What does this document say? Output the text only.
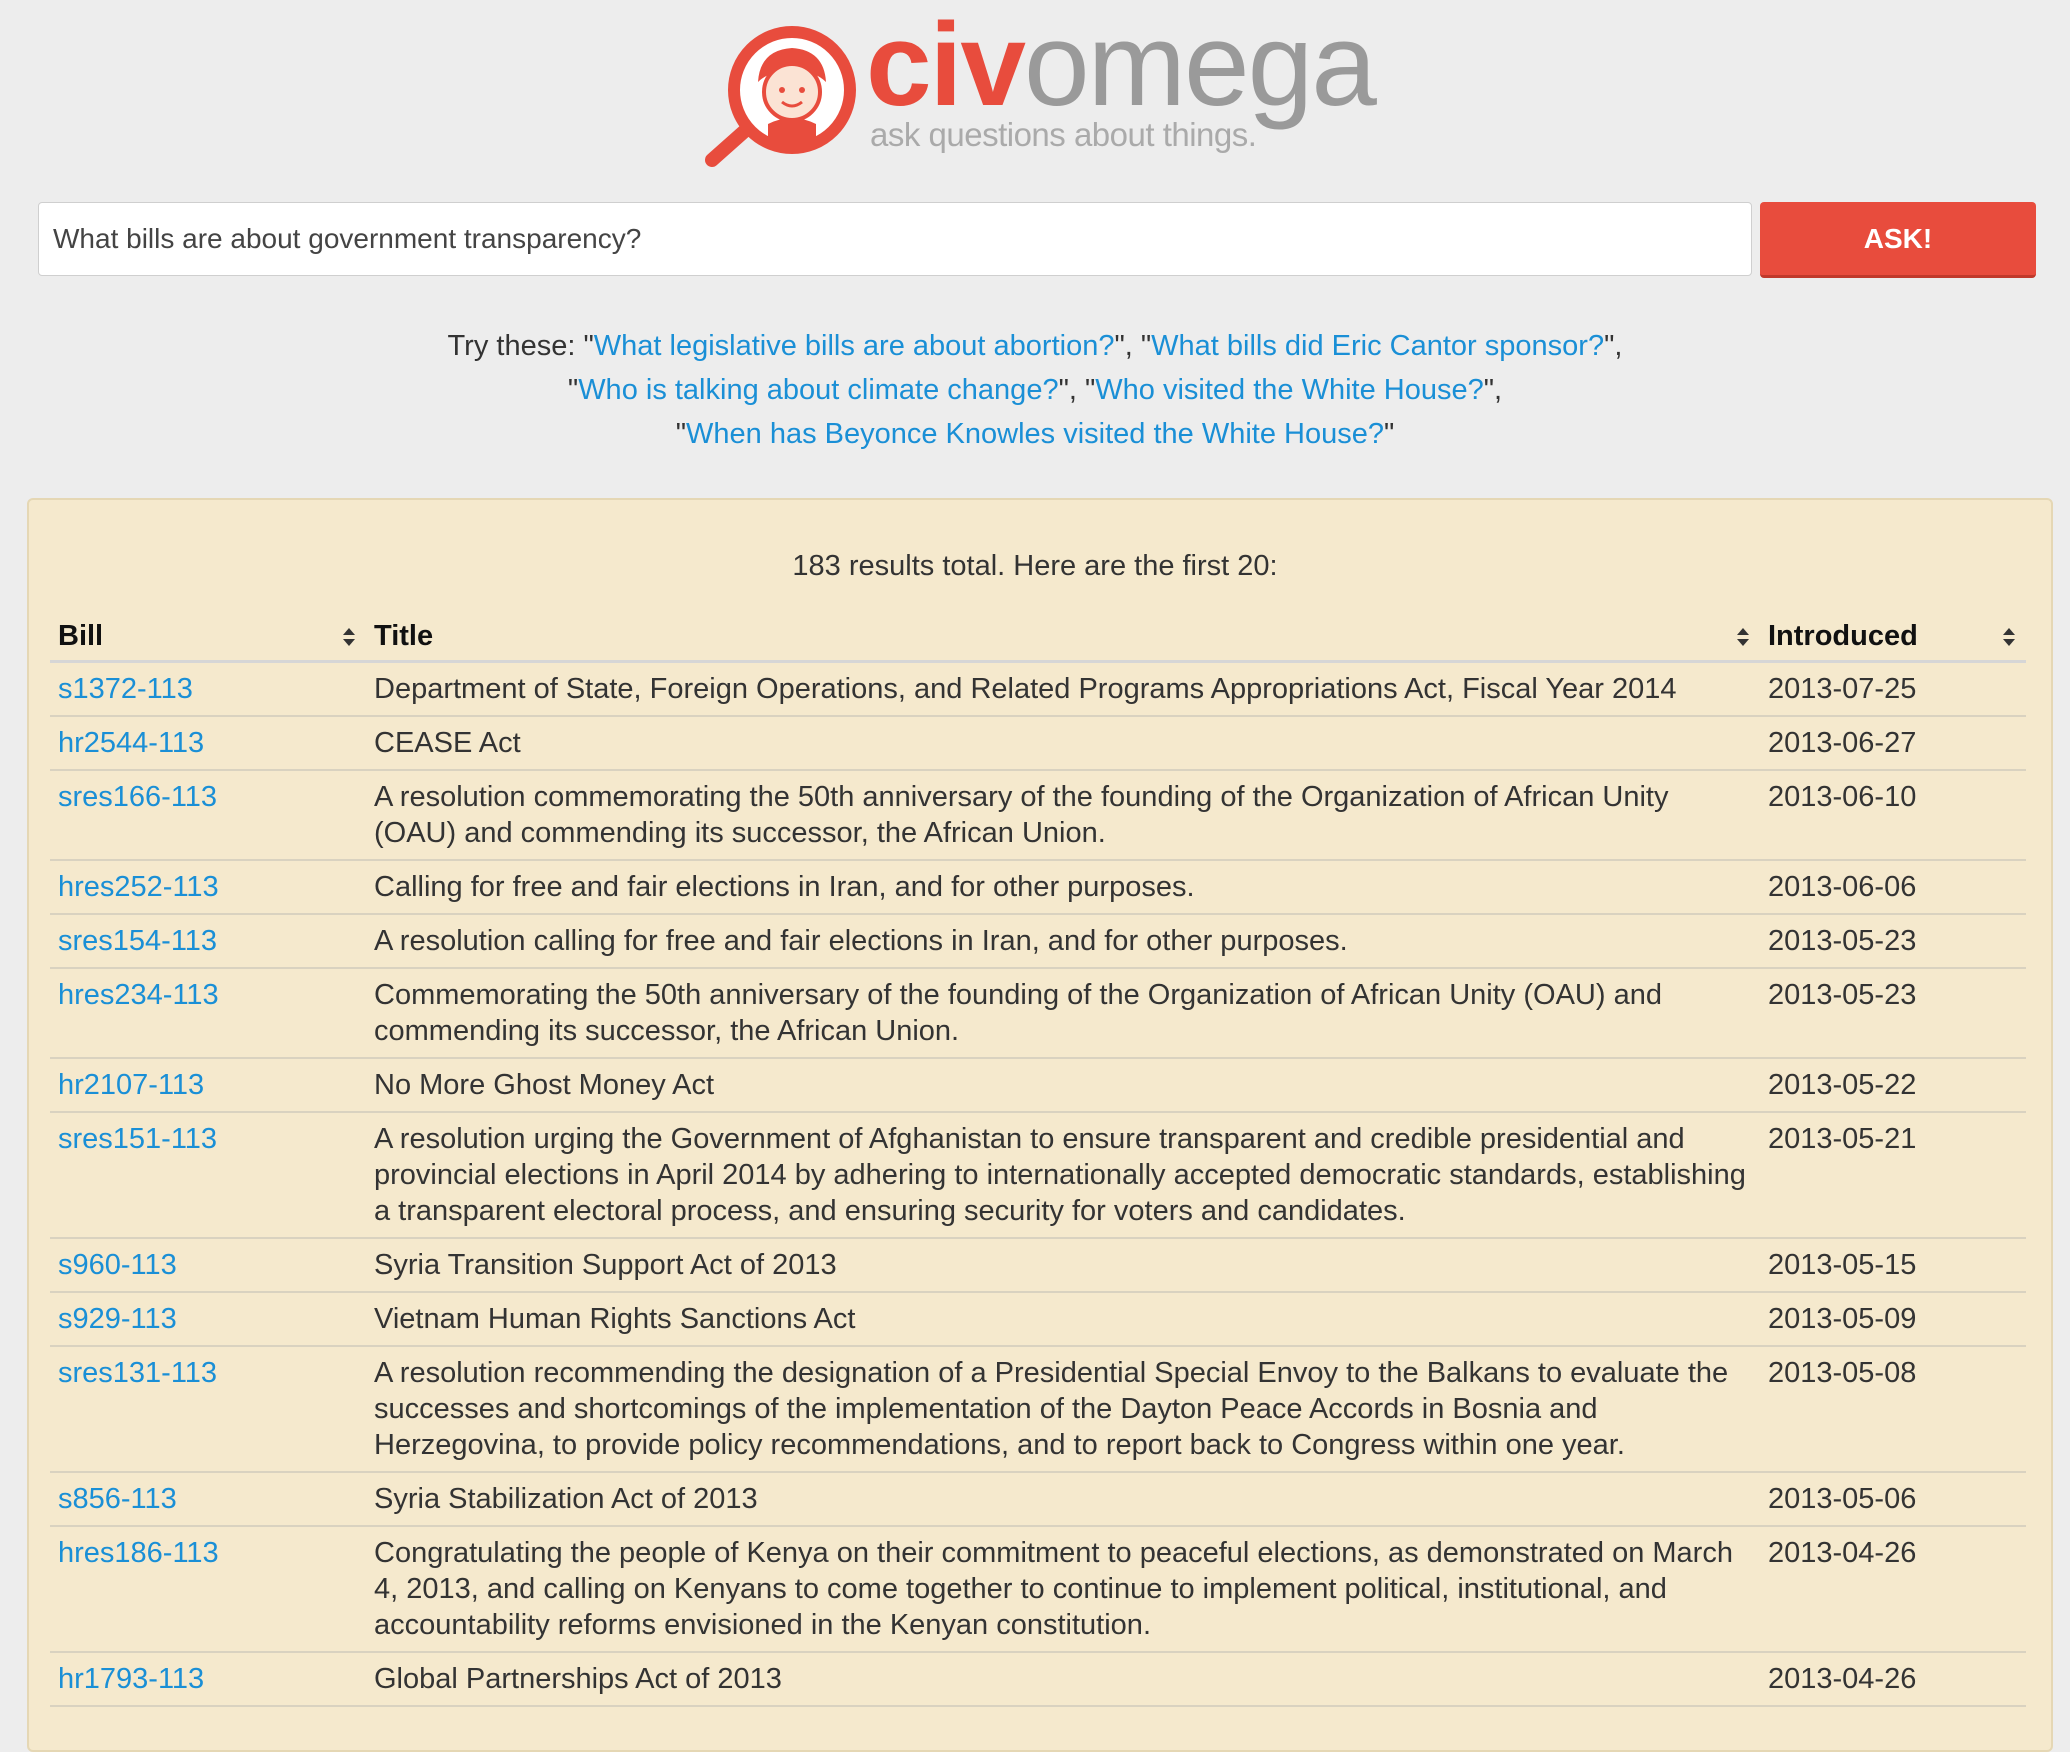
civomega
ask questions about things.
What bills are about government transparency?
ASK!
Try these: "What legislative bills are about abortion?", "What bills did Eric Cantor sponsor?",
"Who is talking about climate change?", "Who visited the White House?",
"When has Beyonce Knowles visited the White House?"
183 results total. Here are the first 20:
Bill	Title	Introduced

s1372-113	Department of State, Foreign Operations, and Related Programs Appropriations Act, Fiscal Year 2014	2013-07-25
hr2544-113	CEASE Act	2013-06-27
sres166-113	A resolution commemorating the 50th anniversary of the founding of the Organization of African Unity (OAU) and commending its successor, the African Union.	2013-06-10
hres252-113	Calling for free and fair elections in Iran, and for other purposes.	2013-06-06
sres154-113	A resolution calling for free and fair elections in Iran, and for other purposes.	2013-05-23
hres234-113	Commemorating the 50th anniversary of the founding of the Organization of African Unity (OAU) and commending its successor, the African Union.	2013-05-23
hr2107-113	No More Ghost Money Act	2013-05-22
sres151-113	A resolution urging the Government of Afghanistan to ensure transparent and credible presidential and provincial elections in April 2014 by adhering to internationally accepted democratic standards, establishing a transparent electoral process, and ensuring security for voters and candidates.	2013-05-21
s960-113	Syria Transition Support Act of 2013	2013-05-15
s929-113	Vietnam Human Rights Sanctions Act	2013-05-09
sres131-113	A resolution recommending the designation of a Presidential Special Envoy to the Balkans to evaluate the successes and shortcomings of the implementation of the Dayton Peace Accords in Bosnia and Herzegovina, to provide policy recommendations, and to report back to Congress within one year.	2013-05-08
s856-113	Syria Stabilization Act of 2013	2013-05-06
hres186-113	Congratulating the people of Kenya on their commitment to peaceful elections, as demonstrated on March 4, 2013, and calling on Kenyans to come together to continue to implement political, institutional, and accountability reforms envisioned in the Kenyan constitution.	2013-04-26
hr1793-113	Global Partnerships Act of 2013	2013-04-26
